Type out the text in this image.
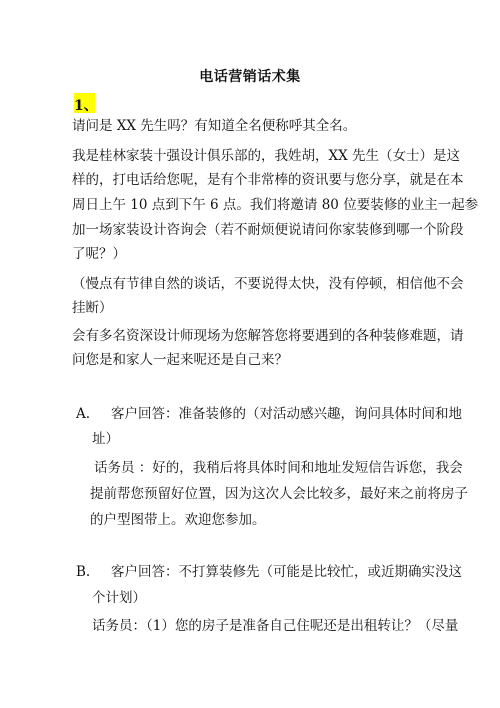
电话营销话术集
1、
请问是 XX 先生吗？有知道全名便称呼其全名。
我是桂林家装十强设计俱乐部的，我姓胡，XX 先生（女士）是这
样的，打电话给您呢，是有个非常棒的资讯要与您分享，就是在本
周日上午 10 点到下午 6 点。我们将邀请 80 位要装修的业主一起参
加一场家装设计咨询会（若不耐烦便说请问你家装修到哪一个阶段
了呢？）
（慢点有节律自然的谈话，不要说得太快，没有停顿，相信他不会
挂断）
会有多名资深设计师现场为您解答您将要遇到的各种装修难题，请
问您是和家人一起来呢还是自己来？
A. 客户回答：准备装修的（对活动感兴趣，询问具体时间和地
址）
话务员 ：好的，我稍后将具体时间和地址发短信告诉您，我会
提前帮您预留好位置，因为这次人会比较多，最好来之前将房子
的户型图带上。欢迎您参加。
B. 客户回答：不打算装修先（可能是比较忙，或近期确实没这
个计划）
话务员：（1）您的房子是准备自己住呢还是出租转让？（尽量
